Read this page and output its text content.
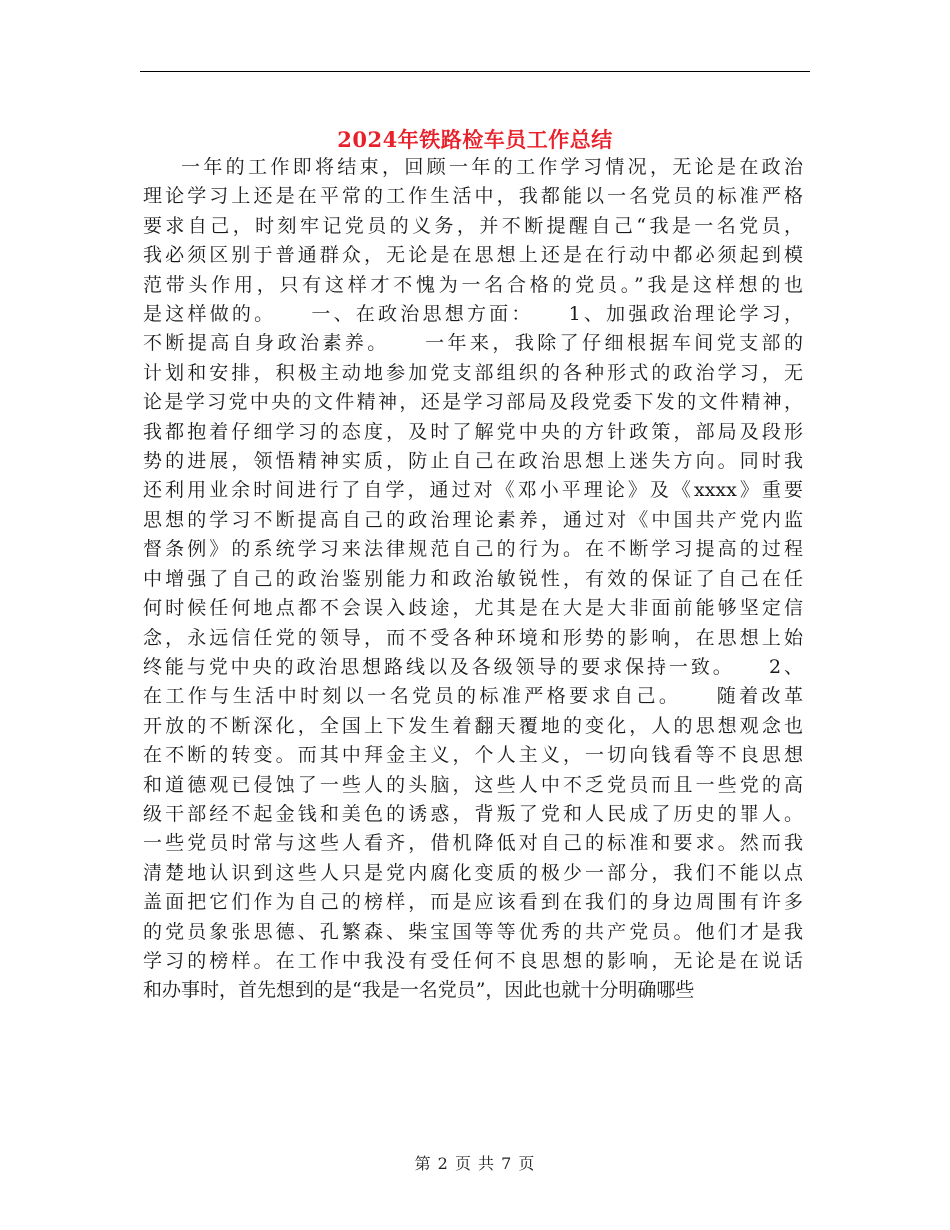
2024年铁路检车员工作总结
一年的工作即将结束，回顾一年的工作学习情况，无论是在政治
理论学习上还是在平常的工作生活中，我都能以一名党员的标准严格
要求自己，时刻牢记党员的义务，并不断提醒自己“我是一名党员，
我必须区别于普通群众，无论是在思想上还是在行动中都必须起到模
范带头作用，只有这样才不愧为一名合格的党员。”我是这样想的也
是这样做的。　　一、在政治思想方面：　　1、加强政治理论学习，
不断提高自身政治素养。　　一年来，我除了仔细根据车间党支部的
计划和安排，积极主动地参加党支部组织的各种形式的政治学习，无
论是学习党中央的文件精神，还是学习部局及段党委下发的文件精神，
我都抱着仔细学习的态度，及时了解党中央的方针政策，部局及段形
势的进展，领悟精神实质，防止自己在政治思想上迷失方向。同时我
还利用业余时间进行了自学，通过对《邓小平理论》及《xxxx》重要
思想的学习不断提高自己的政治理论素养，通过对《中国共产党内监
督条例》的系统学习来法律规范自己的行为。在不断学习提高的过程
中增强了自己的政治鉴别能力和政治敏锐性，有效的保证了自己在任
何时候任何地点都不会误入歧途，尤其是在大是大非面前能够坚定信
念，永远信任党的领导，而不受各种环境和形势的影响，在思想上始
终能与党中央的政治思想路线以及各级领导的要求保持一致。　　2、
在工作与生活中时刻以一名党员的标准严格要求自己。　　随着改革
开放的不断深化，全国上下发生着翻天覆地的变化，人的思想观念也
在不断的转变。而其中拜金主义，个人主义，一切向钱看等不良思想
和道德观已侵蚀了一些人的头脑，这些人中不乏党员而且一些党的高
级干部经不起金钱和美色的诱惑，背叛了党和人民成了历史的罪人。
一些党员时常与这些人看齐，借机降低对自己的标准和要求。然而我
清楚地认识到这些人只是党内腐化变质的极少一部分，我们不能以点
盖面把它们作为自己的榜样，而是应该看到在我们的身边周围有许多
的党员象张思德、孔繁森、柴宝国等等优秀的共产党员。他们才是我
学习的榜样。在工作中我没有受任何不良思想的影响，无论是在说话
和办事时，首先想到的是“我是一名党员”，因此也就十分明确哪些
第 2 页 共 7 页
